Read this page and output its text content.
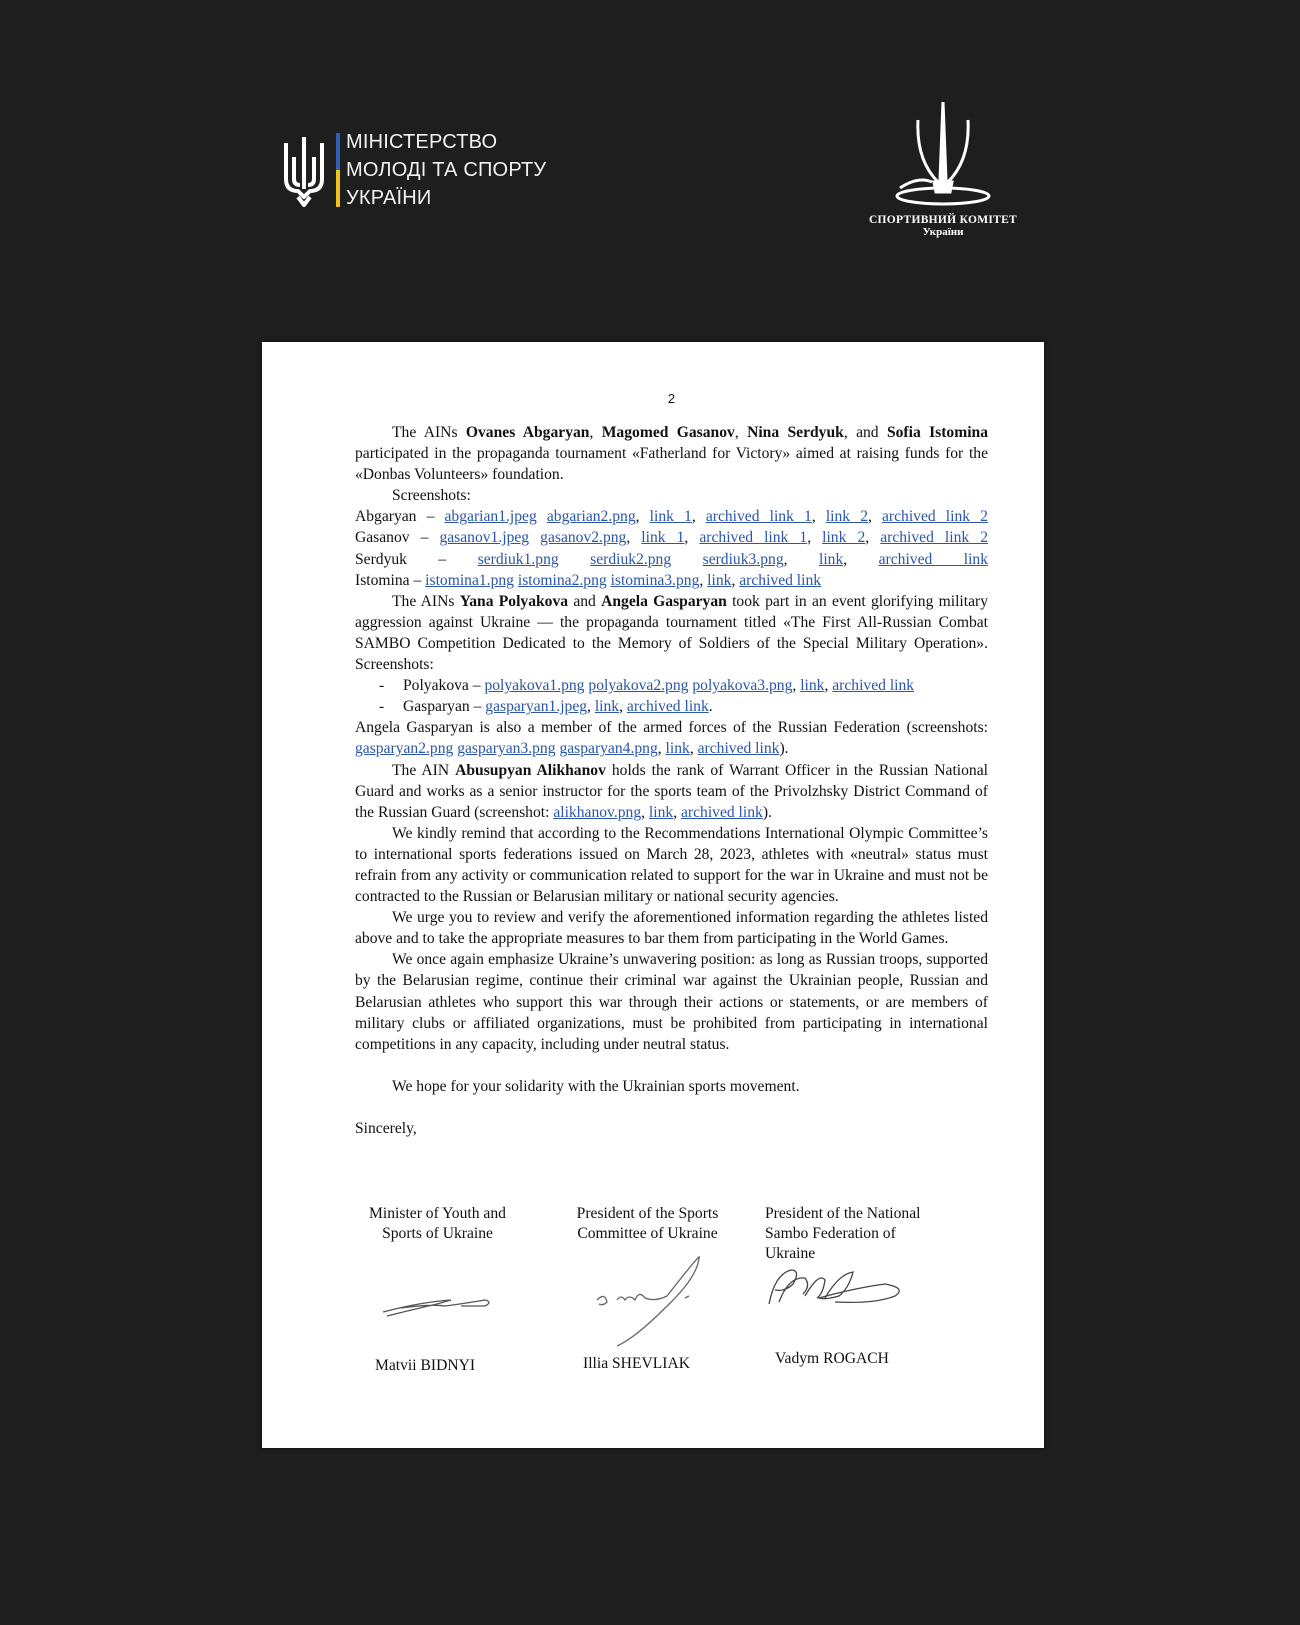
МІНІСТЕРСТВО
МОЛОДІ ТА СПОРТУ
УКРАЇНИ
СПОРТИВНИЙ КОМІТЕТ
України
2

The AINs Ovanes Abgaryan, Magomed Gasanov, Nina Serdyuk, and Sofia Istomina participated in the propaganda tournament «Fatherland for Victory» aimed at raising funds for the «Donbas Volunteers» foundation.

Screenshots:

Abgaryan – abgarian1.jpeg abgarian2.png, link 1, archived link 1, link 2, archived link 2

Gasanov – gasanov1.jpeg gasanov2.png, link 1, archived link 1, link 2, archived link 2

Serdyuk – serdiuk1.png serdiuk2.png serdiuk3.png, link, archived link

Istomina – istomina1.png istomina2.png istomina3.png, link, archived link

The AINs Yana Polyakova and Angela Gasparyan took part in an event glorifying military aggression against Ukraine — the propaganda tournament titled «The First All-Russian Combat SAMBO Competition Dedicated to the Memory of Soldiers of the Special Military Operation». Screenshots:

- Polyakova – polyakova1.png polyakova2.png polyakova3.png, link, archived link

- Gasparyan – gasparyan1.jpeg, link, archived link.

Angela Gasparyan is also a member of the armed forces of the Russian Federation (screenshots: gasparyan2.png gasparyan3.png gasparyan4.png, link, archived link).

The AIN Abusupyan Alikhanov holds the rank of Warrant Officer in the Russian National Guard and works as a senior instructor for the sports team of the Privolzhsky District Command of the Russian Guard (screenshot: alikhanov.png, link, archived link).

We kindly remind that according to the Recommendations International Olympic Committee’s to international sports federations issued on March 28, 2023, athletes with «neutral» status must refrain from any activity or communication related to support for the war in Ukraine and must not be contracted to the Russian or Belarusian military or national security agencies.

We urge you to review and verify the aforementioned information regarding the athletes listed above and to take the appropriate measures to bar them from participating in the World Games.

We once again emphasize Ukraine’s unwavering position: as long as Russian troops, supported by the Belarusian regime, continue their criminal war against the Ukrainian people, Russian and Belarusian athletes who support this war through their actions or statements, or are members of military clubs or affiliated organizations, must be prohibited from participating in international competitions in any capacity, including under neutral status.

We hope for your solidarity with the Ukrainian sports movement.

Sincerely,

Minister of Youth and
Sports of Ukraine
Matvii BIDNYI
President of the Sports
Committee of Ukraine
Illia SHEVLIAK
President of the National
Sambo Federation of
Ukraine
Vadym ROGACH
